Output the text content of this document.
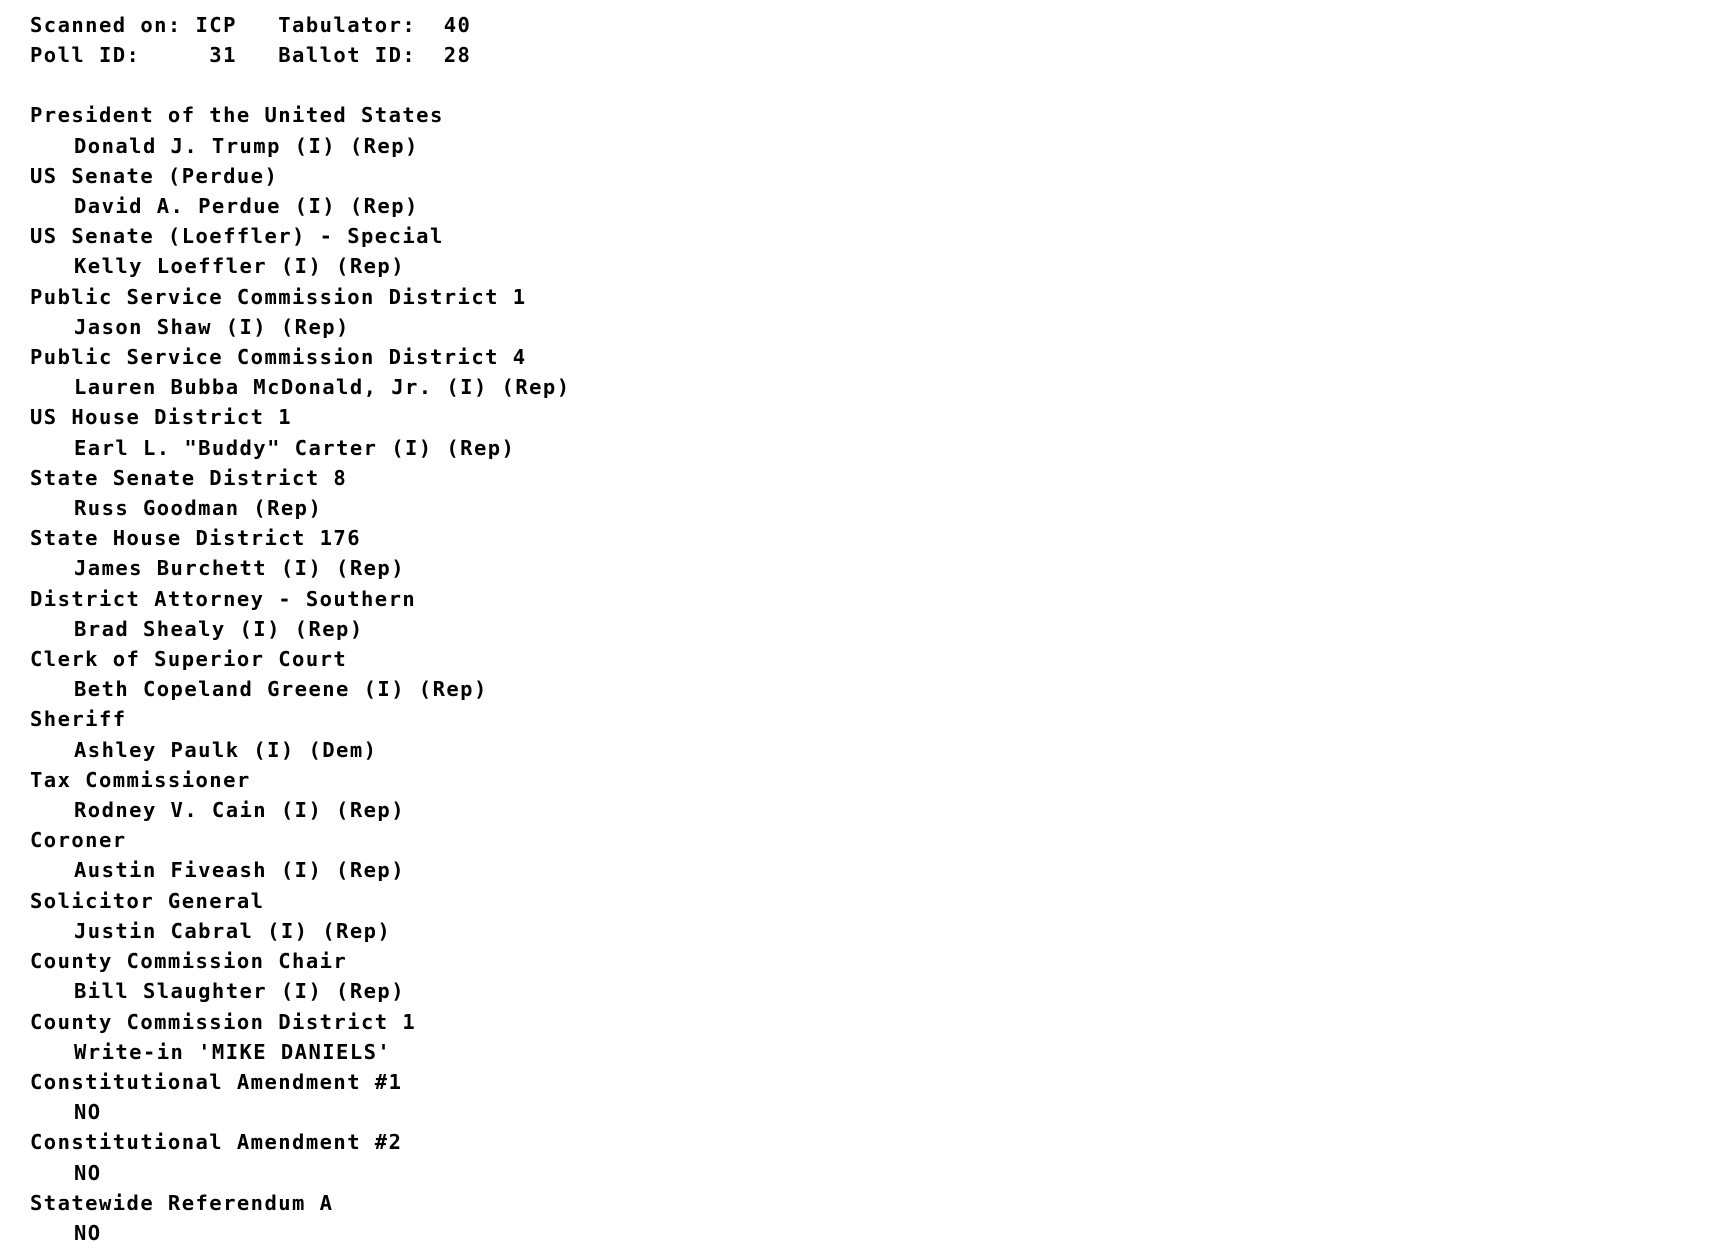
Scanned on: ICP   Tabulator:  40
Poll ID:     31   Ballot ID:  28
President of the United States
Donald J. Trump (I) (Rep)
US Senate (Perdue)
David A. Perdue (I) (Rep)
US Senate (Loeffler) - Special
Kelly Loeffler (I) (Rep)
Public Service Commission District 1
Jason Shaw (I) (Rep)
Public Service Commission District 4
Lauren Bubba McDonald, Jr. (I) (Rep)
US House District 1
Earl L. "Buddy" Carter (I) (Rep)
State Senate District 8
Russ Goodman (Rep)
State House District 176
James Burchett (I) (Rep)
District Attorney - Southern
Brad Shealy (I) (Rep)
Clerk of Superior Court
Beth Copeland Greene (I) (Rep)
Sheriff
Ashley Paulk (I) (Dem)
Tax Commissioner
Rodney V. Cain (I) (Rep)
Coroner
Austin Fiveash (I) (Rep)
Solicitor General
Justin Cabral (I) (Rep)
County Commission Chair
Bill Slaughter (I) (Rep)
County Commission District 1
Write-in 'MIKE DANIELS'
Constitutional Amendment #1
NO
Constitutional Amendment #2
NO
Statewide Referendum A
NO
